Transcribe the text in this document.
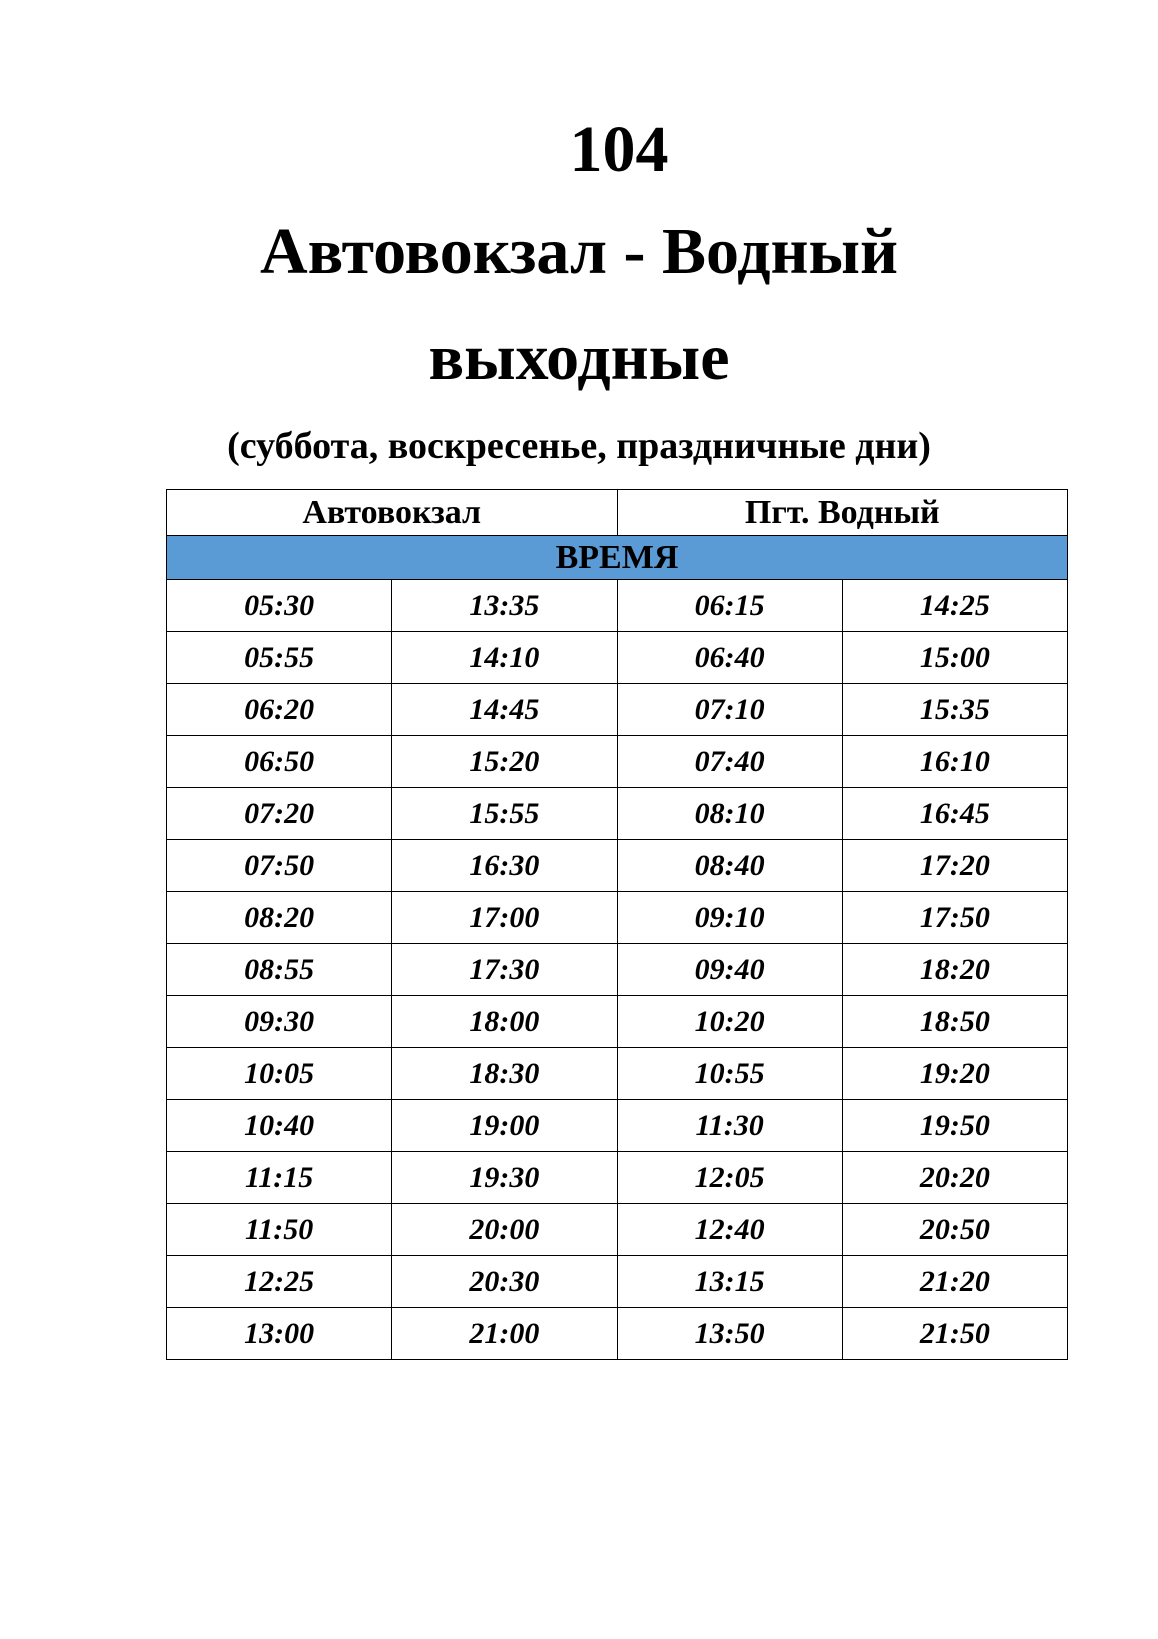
104
Автовокзал - Водный
выходные
(суббота, воскресенье, праздничные дни)
Автовокзал		Пгт. Водный	
ВРЕМЯ			
05:30	13:35	06:15	14:25
05:55	14:10	06:40	15:00
06:20	14:45	07:10	15:35
06:50	15:20	07:40	16:10
07:20	15:55	08:10	16:45
07:50	16:30	08:40	17:20
08:20	17:00	09:10	17:50
08:55	17:30	09:40	18:20
09:30	18:00	10:20	18:50
10:05	18:30	10:55	19:20
10:40	19:00	11:30	19:50
11:15	19:30	12:05	20:20
11:50	20:00	12:40	20:50
12:25	20:30	13:15	21:20
13:00	21:00	13:50	21:50
